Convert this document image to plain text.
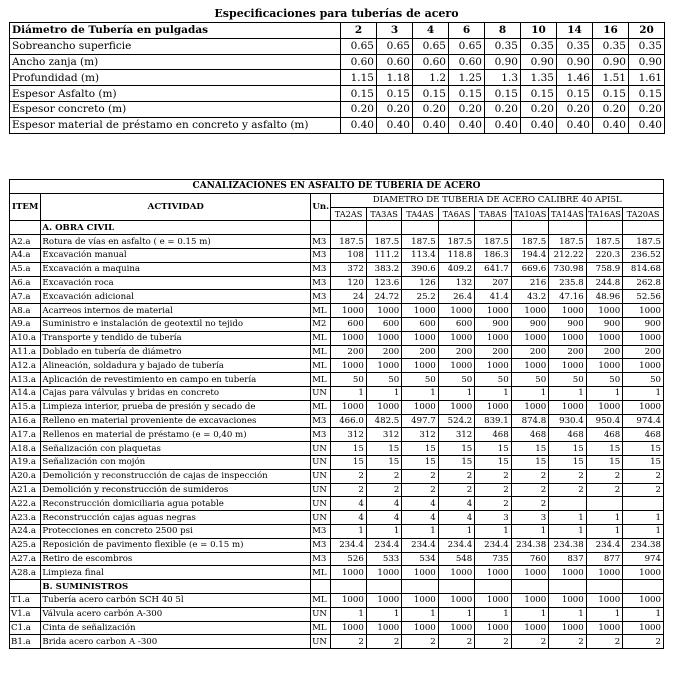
Especificaciones para tuberías de acero
Diámetro de Tubería en pulgadas	2	3	4	6	8	10	14	16	20
Sobreancho superficie	0.65	0.65	0.65	0.65	0.35	0.35	0.35	0.35	0.35
Ancho zanja (m)	0.60	0.60	0.60	0.60	0.90	0.90	0.90	0.90	0.90
Profundidad (m)	1.15	1.18	1.2	1.25	1.3	1.35	1.46	1.51	1.61
Espesor Asfalto (m)	0.15	0.15	0.15	0.15	0.15	0.15	0.15	0.15	0.15
Espesor concreto (m)	0.20	0.20	0.20	0.20	0.20	0.20	0.20	0.20	0.20
Espesor material de préstamo en concreto y asfalto (m)	0.40	0.40	0.40	0.40	0.40	0.40	0.40	0.40	0.40
CANALIZACIONES EN ASFALTO DE TUBERIA DE ACERO											
ITEM	ACTIVIDAD	Un.	DIAMETRO DE TUBERIA DE ACERO CALIBRE 40 API5L								
			TA2AS	TA3AS	TA4AS	TA6AS	TA8AS	TA10AS	TA14AS	TA16AS	TA20AS
	A. OBRA CIVIL										
A2.a	Rotura de vías en asfalto ( e = 0.15 m)	M3	187.5	187.5	187.5	187.5	187.5	187.5	187.5	187.5	187.5
A4.a	Excavación manual	M3	108	111.2	113.4	118.8	186.3	194.4	212.22	220.3	236.52
A5.a	Excavación a maquina	M3	372	383.2	390.6	409.2	641.7	669.6	730.98	758.9	814.68
A6.a	Excavación roca	M3	120	123.6	126	132	207	216	235.8	244.8	262.8
A7.a	Excavación adicional	M3	24	24.72	25.2	26.4	41.4	43.2	47.16	48.96	52.56
A8.a	Acarreos internos de material	ML	1000	1000	1000	1000	1000	1000	1000	1000	1000
A9.a	Suministro e instalación de geotextil no tejido	M2	600	600	600	600	900	900	900	900	900
A10.a	Transporte y tendido de tubería	ML	1000	1000	1000	1000	1000	1000	1000	1000	1000
A11.a	Doblado en tubería de diámetro	ML	200	200	200	200	200	200	200	200	200
A12.a	Alineación, soldadura y bajado de tubería	ML	1000	1000	1000	1000	1000	1000	1000	1000	1000
A13.a	Aplicación de revestimiento en campo en tubería	ML	50	50	50	50	50	50	50	50	50
A14.a	Cajas para válvulas y bridas en concreto	UN	1	1	1	1	1	1	1	1	1
A15.a	Limpieza interior, prueba de presión y secado de	ML	1000	1000	1000	1000	1000	1000	1000	1000	1000
A16.a	Relleno en material proveniente de excavaciones	M3	466.0	482.5	497.7	524.2	839.1	874.8	930.4	950.4	974.4
A17.a	Rellenos en material de préstamo (e = 0,40 m)	M3	312	312	312	312	468	468	468	468	468
A18.a	Señalización con plaquetas	UN	15	15	15	15	15	15	15	15	15
A19.a	Señalización con mojón	UN	15	15	15	15	15	15	15	15	15
A20.a	Demolición y reconstrucción de cajas de inspección	UN	2	2	2	2	2	2	2	2	2
A21.a	Demolición y reconstrucción de sumideros	UN	2	2	2	2	2	2	2	2	2
A22.a	Reconstrucción domiciliaria agua potable	UN	4	4	4	4	2	2			
A23.a	Reconstrucción cajas aguas negras	UN	4	4	4	4	3	3	1	1	1
A24.a	Protecciones en concreto 2500 psi	M3	1	1	1	1	1	1	1	1	1
A25.a	Reposición de pavimento flexible (e = 0.15 m)	M3	234.4	234.4	234.4	234.4	234.4	234.38	234.38	234.4	234.38
A27.a	Retiro de escombros	M3	526	533	534	548	735	760	837	877	974
A28.a	Limpieza final	ML	1000	1000	1000	1000	1000	1000	1000	1000	1000
	B. SUMINISTROS										
T1.a	Tubería acero carbón SCH 40 5l	ML	1000	1000	1000	1000	1000	1000	1000	1000	1000
V1.a	Válvula acero carbón A-300	UN	1	1	1	1	1	1	1	1	1
C1.a	Cinta de señalización	ML	1000	1000	1000	1000	1000	1000	1000	1000	1000
B1.a	Brida acero carbon A -300	UN	2	2	2	2	2	2	2	2	2
